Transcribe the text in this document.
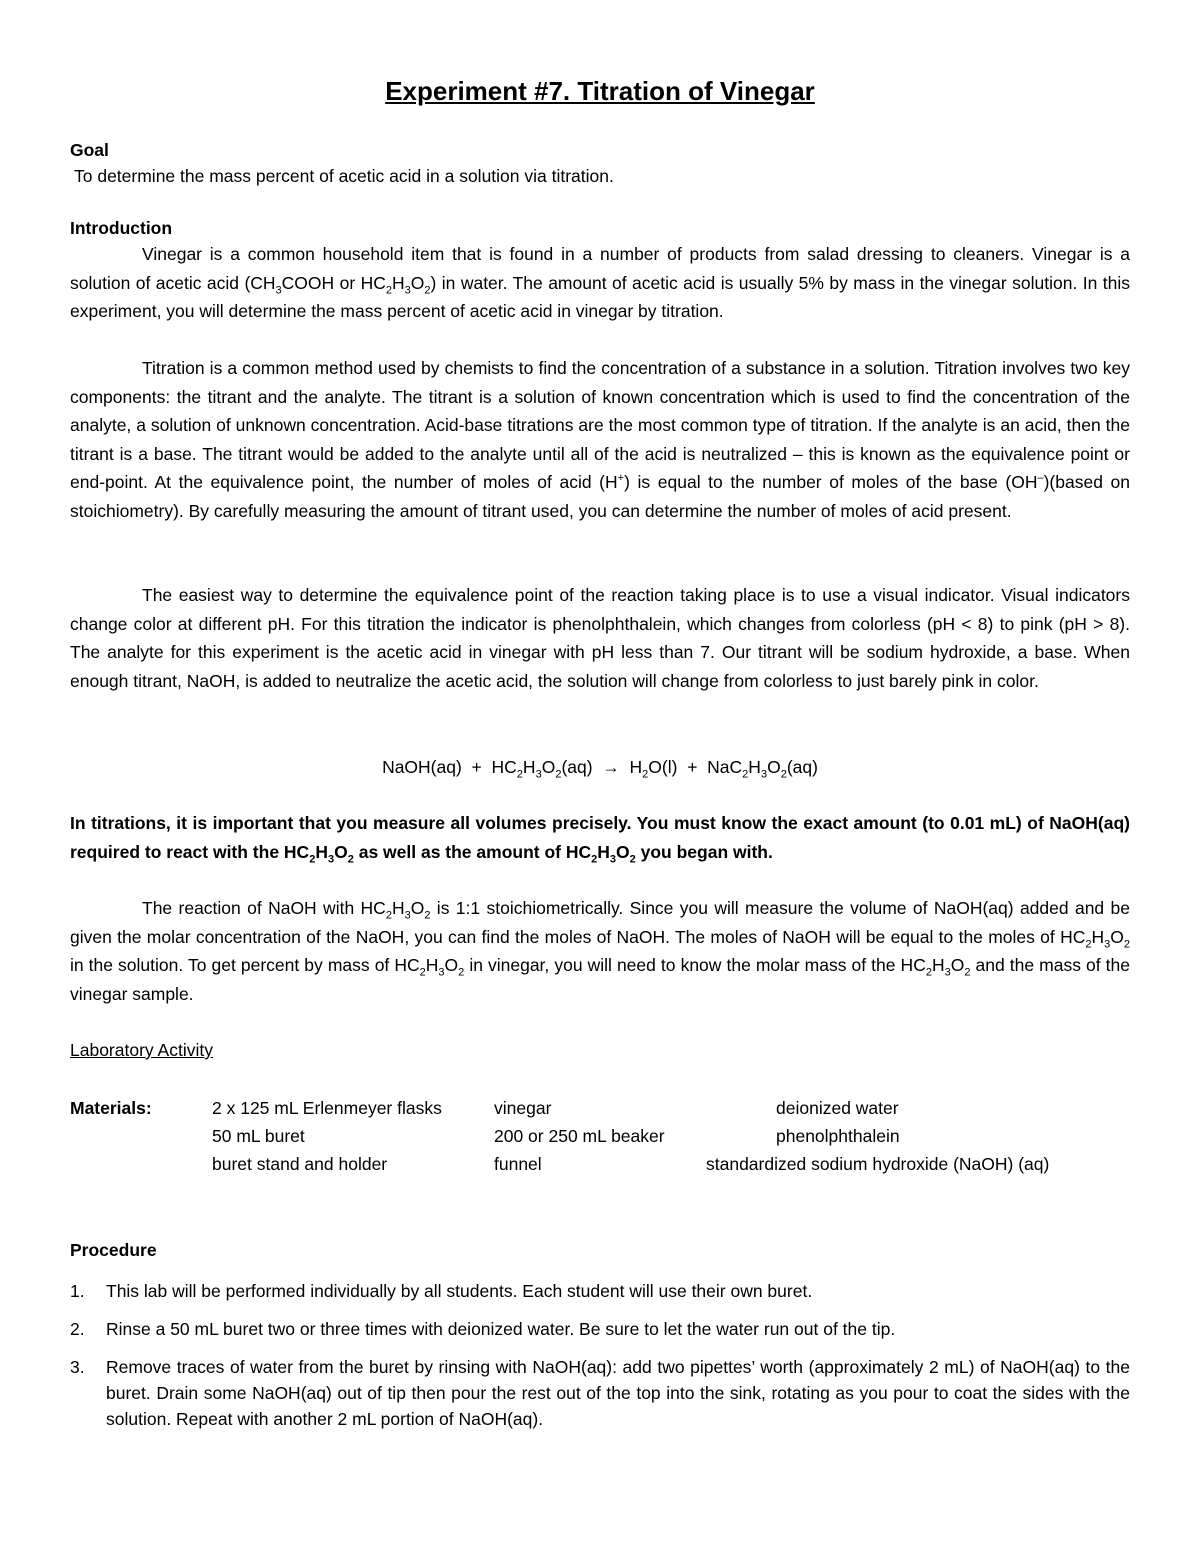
Experiment #7. Titration of Vinegar

Goal

To determine the mass percent of acetic acid in a solution via titration.

Introduction

Vinegar is a common household item that is found in a number of products from salad dressing to cleaners. Vinegar is a solution of acetic acid ($CH_3COOH$ or $HC_2H_3O_2$) in water. The amount of acetic acid is usually 5% by mass in the vinegar solution. In this experiment, you will determine the mass percent of acetic acid in vinegar by titration.

Titration is a common method used by chemists to find the concentration of a substance in a solution. Titration involves two key components: the titrant and the analyte. The titrant is a solution of known concentration which is used to find the concentration of the analyte, a solution of unknown concentration. Acid-base titrations are the most common type of titration. If the analyte is an acid, then the titrant is a base. The titrant would be added to the analyte until all of the acid is neutralized – this is known as the equivalence point or end-point. At the equivalence point, the number of moles of acid (H+) is equal to the number of moles of the base (OH–)(based on stoichiometry). By carefully measuring the amount of titrant used, you can determine the number of moles of acid present.

The easiest way to determine the equivalence point of the reaction taking place is to use a visual indicator. Visual indicators change color at different pH. For this titration the indicator is phenolphthalein, which changes from colorless (pH < 8) to pink (pH > 8). The analyte for this experiment is the acetic acid in vinegar with pH less than 7. Our titrant will be sodium hydroxide, a base. When enough titrant, NaOH, is added to neutralize the acetic acid, the solution will change from colorless to just barely pink in color.

NaOH(aq) + $HC_2H_3O_2(aq) \to H_2O(l) + NaC_2H_3O_2(aq)$

In titrations, it is important that you measure all volumes precisely. You must know the exact amount (to 0.01 mL) of NaOH(aq) required to react with the $HC_2H_3O_2$ as well as the amount of $HC_2H_3O_2$ you began with.

The reaction of NaOH with $HC_2H_3O_2$ is 1:1 stoichiometrically. Since you will measure the volume of NaOH(aq) added and be given the molar concentration of the NaOH, you can find the moles of NaOH. The moles of NaOH will be equal to the moles of $HC_2H_3O_2$ in the solution. To get percent by mass of $HC_2H_3O_2$ in vinegar, you will need to know the molar mass of the $HC_2H_3O_2$ and the mass of the vinegar sample.

Laboratory Activity

Materials:	2 x 125 mL Erlenmeyer flasks	vinegar	deionized water

50 mL buret	200 or 250 mL beaker	phenolphthalein

buret stand and holder	funnel	standardized sodium hydroxide (NaOH) (aq)

Procedure

1. This lab will be performed individually by all students. Each student will use their own buret.
2. Rinse a 50 mL buret two or three times with deionized water. Be sure to let the water run out of the tip.
3. Remove traces of water from the buret by rinsing with NaOH(aq): add two pipettes’ worth (approximately 2 mL) of NaOH(aq) to the buret. Drain some NaOH(aq) out of tip then pour the rest out of the top into the sink, rotating as you pour to coat the sides with the solution. Repeat with another 2 mL portion of NaOH(aq).
